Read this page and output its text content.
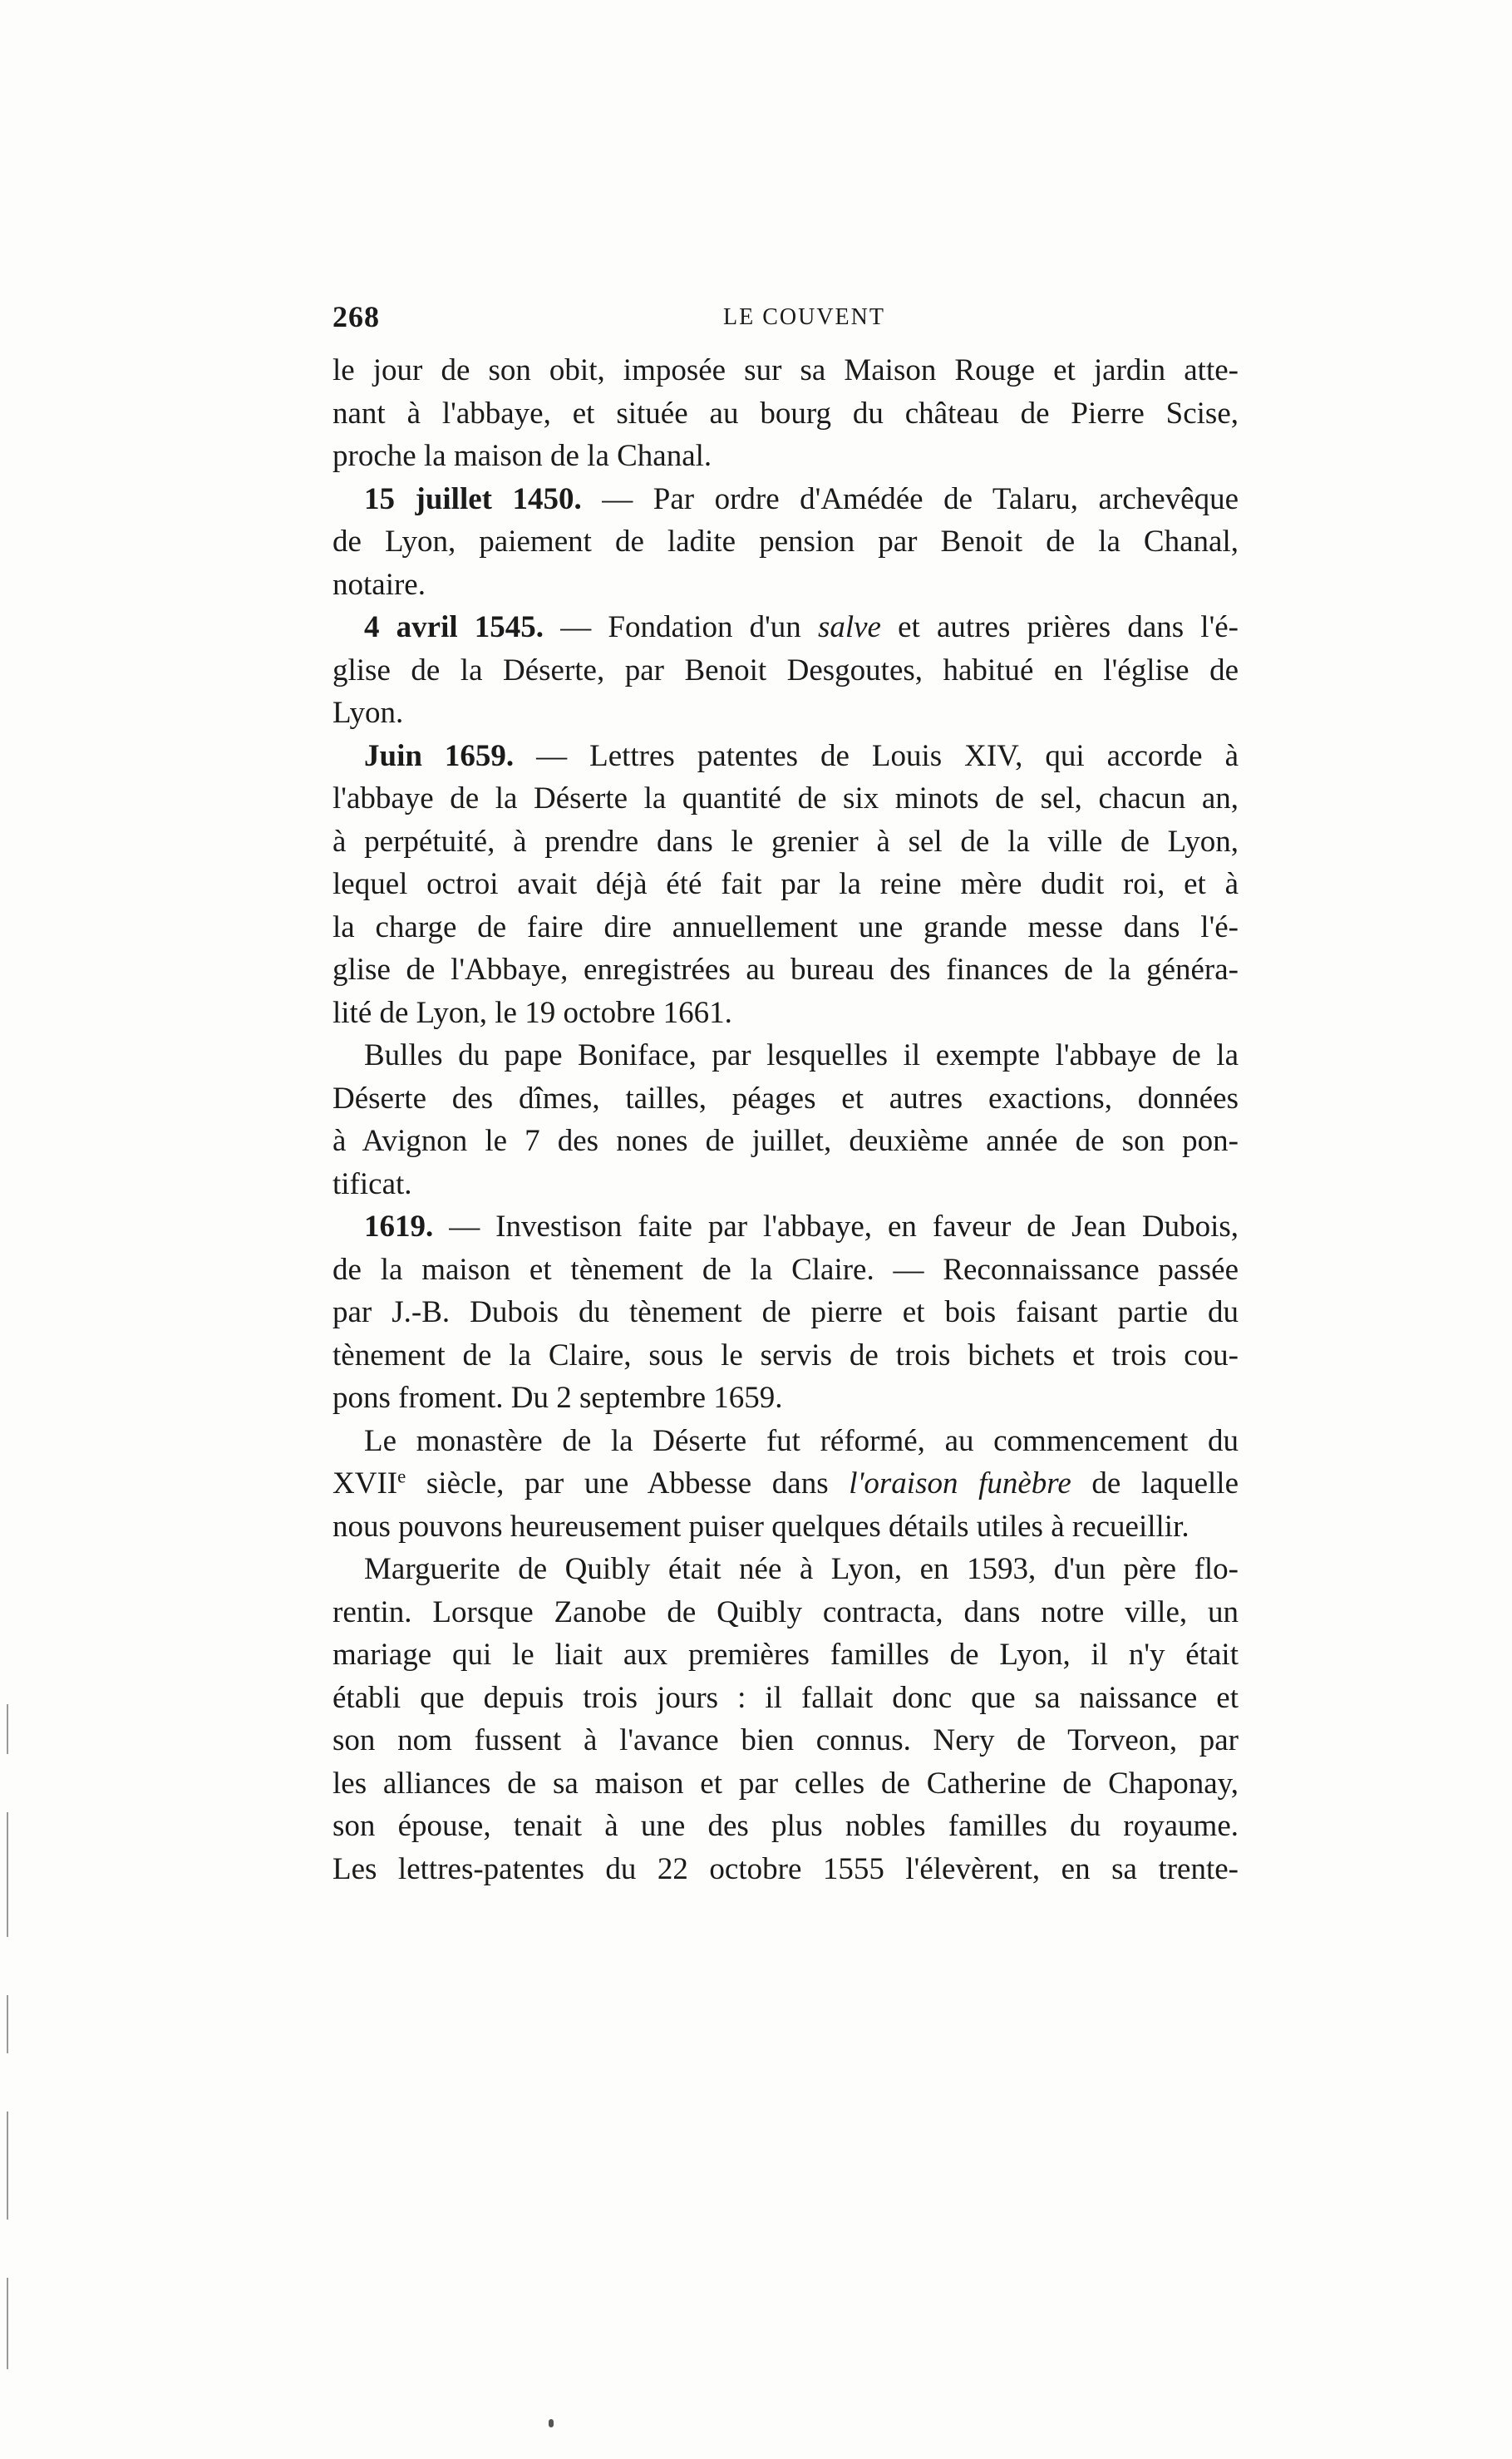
268	LE COUVENT
le jour de son obit, imposée sur sa Maison Rouge et jardin atte-
nant à l'abbaye, et située au bourg du château de Pierre Scise,
proche la maison de la Chanal.
15 juillet 1450. — Par ordre d'Amédée de Talaru, archevêque
de Lyon, paiement de ladite pension par Benoit de la Chanal,
notaire.
4 avril 1545. — Fondation d'un salve et autres prières dans l'é-
glise de la Déserte, par Benoit Desgoutes, habitué en l'église de
Lyon.
Juin 1659. — Lettres patentes de Louis XIV, qui accorde à
l'abbaye de la Déserte la quantité de six minots de sel, chacun an,
à perpétuité, à prendre dans le grenier à sel de la ville de Lyon,
lequel octroi avait déjà été fait par la reine mère dudit roi, et à
la charge de faire dire annuellement une grande messe dans l'é-
glise de l'Abbaye, enregistrées au bureau des finances de la généra-
lité de Lyon, le 19 octobre 1661.
Bulles du pape Boniface, par lesquelles il exempte l'abbaye de la
Déserte des dîmes, tailles, péages et autres exactions, données
à Avignon le 7 des nones de juillet, deuxième année de son pon-
tificat.
1619. — Investison faite par l'abbaye, en faveur de Jean Dubois,
de la maison et tènement de la Claire. — Reconnaissance passée
par J.-B. Dubois du tènement de pierre et bois faisant partie du
tènement de la Claire, sous le servis de trois bichets et trois cou-
pons froment. Du 2 septembre 1659.
Le monastère de la Déserte fut réformé, au commencement du
XVIIe siècle, par une Abbesse dans l'oraison funèbre de laquelle
nous pouvons heureusement puiser quelques détails utiles à recueillir.
Marguerite de Quibly était née à Lyon, en 1593, d'un père flo-
rentin. Lorsque Zanobe de Quibly contracta, dans notre ville, un
mariage qui le liait aux premières familles de Lyon, il n'y était
établi que depuis trois jours : il fallait donc que sa naissance et
son nom fussent à l'avance bien connus. Nery de Torveon, par
les alliances de sa maison et par celles de Catherine de Chaponay,
son épouse, tenait à une des plus nobles familles du royaume.
Les lettres-patentes du 22 octobre 1555 l'élevèrent, en sa trente-
